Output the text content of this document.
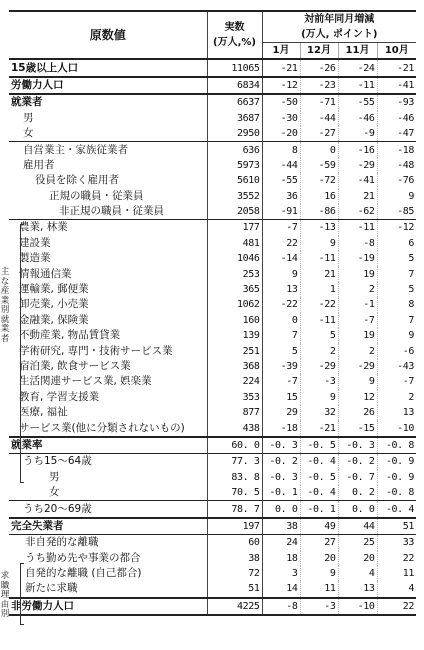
原数値	実数
(万人,%)	対前年同月増減
(万人, ポイント)			
		1月	12月	11月	10月
15歳以上人口	11065	-21	-26	-24	-21
労働力人口	6834	-12	-23	-11	-41
就業者	6637	-50	-71	-55	-93
男	3687	-30	-44	-46	-46
女	2950	-20	-27	-9	-47
自営業主・家族従業者	636	8	0	-16	-18
雇用者	5973	-44	-59	-29	-48
役員を除く雇用者	5610	-55	-72	-41	-76
正規の職員・従業員	3552	36	16	21	9
非正規の職員・従業員	2058	-91	-86	-62	-85
農業, 林業	177	-7	-13	-11	-12
建設業	481	22	9	-8	6
製造業	1046	-14	-11	-19	5
情報通信業	253	9	21	19	7
運輸業, 郵便業	365	13	1	2	5
卸売業, 小売業	1062	-22	-22	-1	8
金融業, 保険業	160	0	-11	-7	7
不動産業, 物品賃貸業	139	7	5	19	9
学術研究, 専門・技術サービス業	251	5	2	2	-6
宿泊業, 飲食サービス業	368	-39	-29	-29	-43
生活関連サービス業, 娯楽業	224	-7	-3	9	-7
教育, 学習支援業	353	15	9	12	2
医療, 福祉	877	29	32	26	13
サービス業(他に分類されないもの)	438	-18	-21	-15	-10
就業率	60. 0	-0. 3	-0. 5	-0. 3	-0. 8
うち15～64歳	77. 3	-0. 2	-0. 4	-0. 2	-0. 9
男	83. 8	-0. 3	-0. 5	-0. 7	-0. 9
女	70. 5	-0. 1	-0. 4	0. 2	-0. 8
うち20～69歳	78. 7	0. 0	-0. 1	0. 0	-0. 4
完全失業者	197	38	49	44	51
非自発的な離職	60	24	27	25	33
うち勤め先や事業の都合	38	18	20	20	22
自発的な離職 (自己都合)	72	3	9	4	11
新たに求職	51	14	11	13	4
非労働力人口	4225	-8	-3	-10	22
主な産業別就業者
求職理由別
